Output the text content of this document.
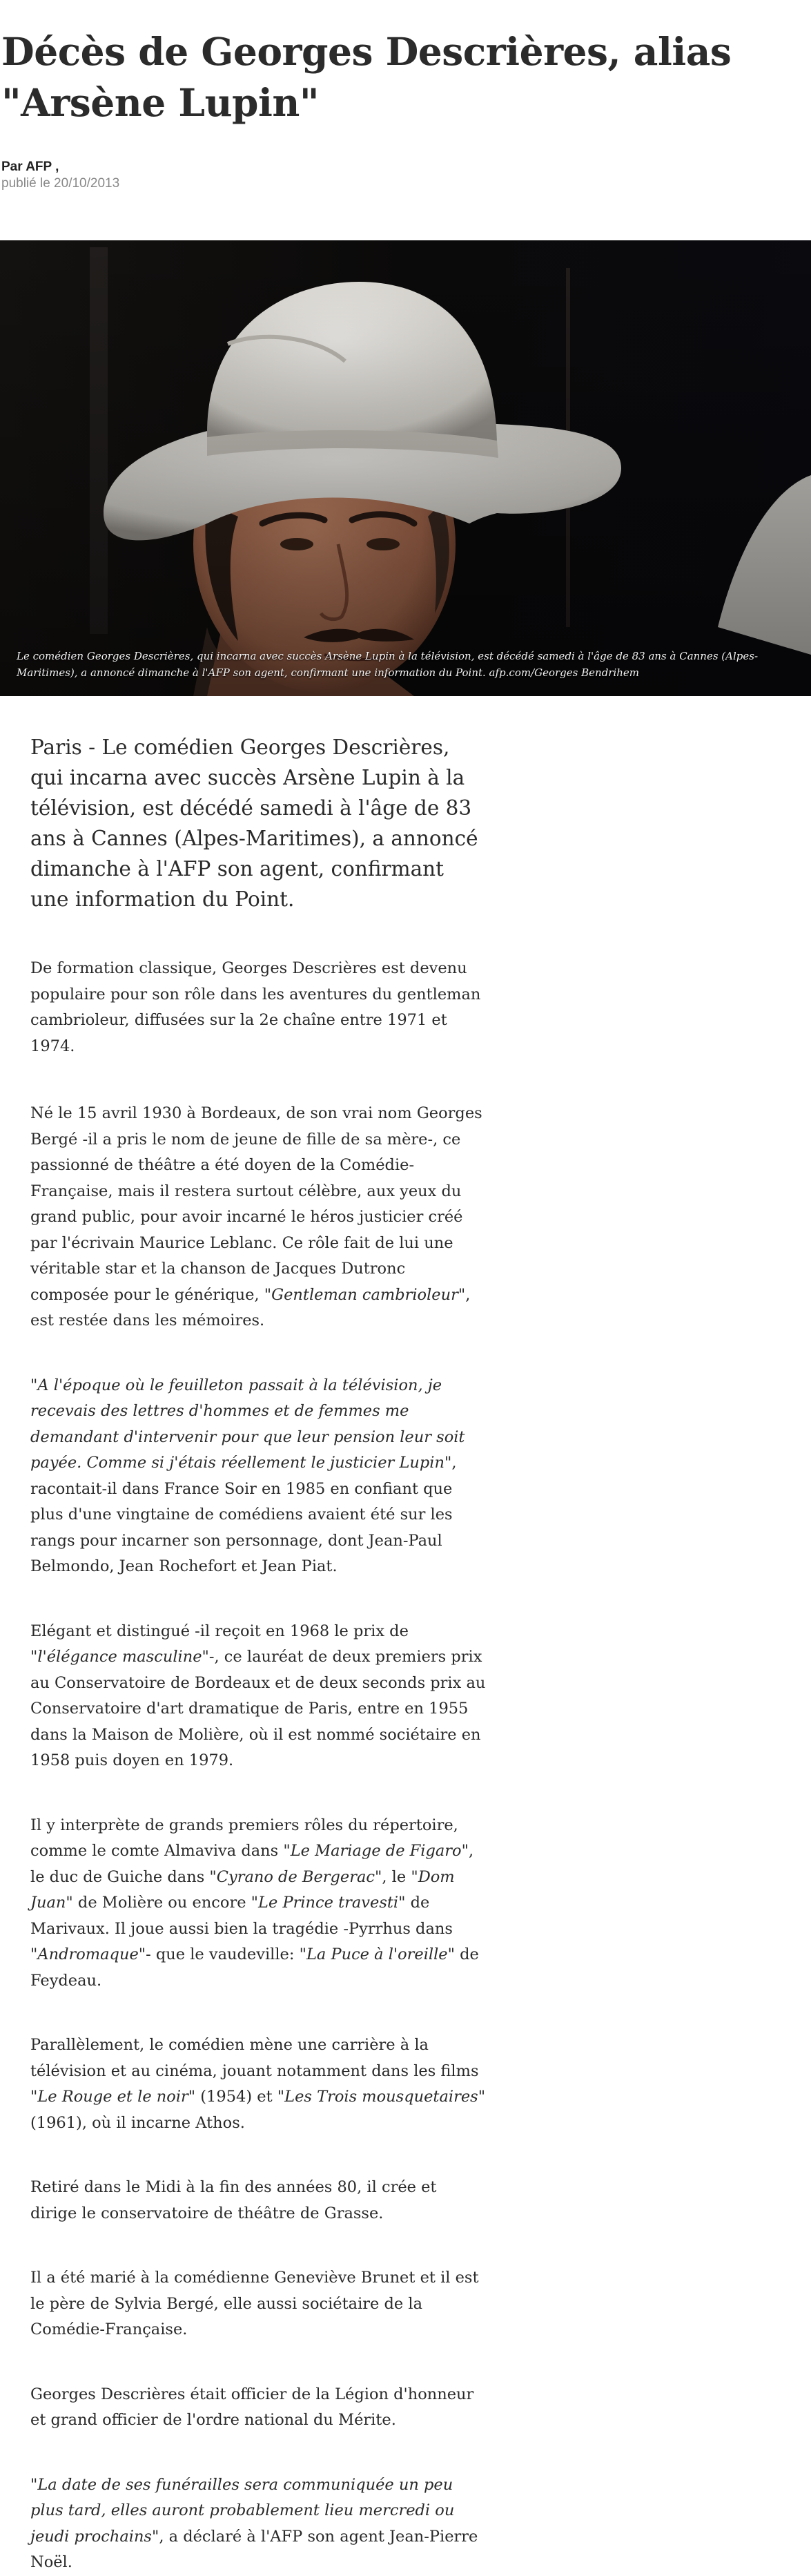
Décès de Georges Descrières, alias "Arsène Lupin"
Par AFP ,
publié le 20/10/2013
Le comédien Georges Descrières, qui incarna avec succès Arsène Lupin à la télévision, est décédé samedi à l'âge de 83 ans à Cannes (Alpes-Maritimes), a annoncé dimanche à l'AFP son agent, confirmant une information du Point. afp.com/Georges Bendrihem

Paris - Le comédien Georges Descrières, qui incarna avec succès Arsène Lupin à la télévision, est décédé samedi à l'âge de 83 ans à Cannes (Alpes-Maritimes), a annoncé dimanche à l'AFP son agent, confirmant une information du Point.

De formation classique, Georges Descrières est devenu populaire pour son rôle dans les aventures du gentleman cambrioleur, diffusées sur la 2e chaîne entre 1971 et 1974.

Né le 15 avril 1930 à Bordeaux, de son vrai nom Georges Bergé -il a pris le nom de jeune de fille de sa mère-, ce passionné de théâtre a été doyen de la Comédie-Française, mais il restera surtout célèbre, aux yeux du grand public, pour avoir incarné le héros justicier créé par l'écrivain Maurice Leblanc. Ce rôle fait de lui une véritable star et la chanson de Jacques Dutronc composée pour le générique, "Gentleman cambrioleur", est restée dans les mémoires.

"A l'époque où le feuilleton passait à la télévision, je recevais des lettres d'hommes et de femmes me demandant d'intervenir pour que leur pension leur soit payée. Comme si j'étais réellement le justicier Lupin", racontait-il dans France Soir en 1985 en confiant que plus d'une vingtaine de comédiens avaient été sur les rangs pour incarner son personnage, dont Jean-Paul Belmondo, Jean Rochefort et Jean Piat.

Elégant et distingué -il reçoit en 1968 le prix de "l'élégance masculine"-, ce lauréat de deux premiers prix au Conservatoire de Bordeaux et de deux seconds prix au Conservatoire d'art dramatique de Paris, entre en 1955 dans la Maison de Molière, où il est nommé sociétaire en 1958 puis doyen en 1979.

Il y interprète de grands premiers rôles du répertoire, comme le comte Almaviva dans "Le Mariage de Figaro", le duc de Guiche dans "Cyrano de Bergerac", le "Dom Juan" de Molière ou encore "Le Prince travesti" de Marivaux. Il joue aussi bien la tragédie -Pyrrhus dans "Andromaque"- que le vaudeville: "La Puce à l'oreille" de Feydeau.

Parallèlement, le comédien mène une carrière à la télévision et au cinéma, jouant notamment dans les films "Le Rouge et le noir" (1954) et "Les Trois mousquetaires" (1961), où il incarne Athos.

Retiré dans le Midi à la fin des années 80, il crée et dirige le conservatoire de théâtre de Grasse.

Il a été marié à la comédienne Geneviève Brunet et il est le père de Sylvia Bergé, elle aussi sociétaire de la Comédie-Française.

Georges Descrières était officier de la Légion d'honneur et grand officier de l'ordre national du Mérite.

"La date de ses funérailles sera communiquée un peu plus tard, elles auront probablement lieu mercredi ou jeudi prochains", a déclaré à l'AFP son agent Jean-Pierre Noël.
